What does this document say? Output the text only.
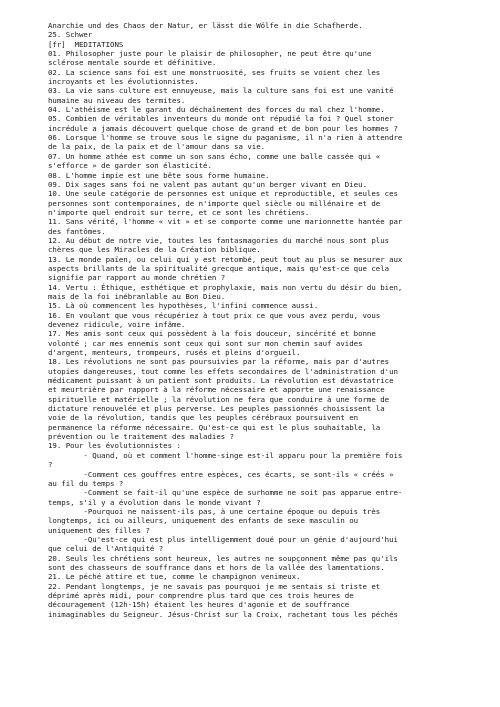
Anarchie und des Chaos der Natur, er lässt die Wölfe in die Schafherde.
25. Schwer
[fr]  MEDITATIONS
01. Philosopher juste pour le plaisir de philosopher, ne peut être qu'une
sclérose mentale sourde et définitive.
02. La science sans foi est une monstruosité, ses fruits se voient chez les
incroyants et les évolutionnistes.
03. La vie sans culture est ennuyeuse, mais la culture sans foi est une vanité
humaine au niveau des termites.
04. L'athéisme est le garant du déchaînement des forces du mal chez l'homme.
05. Combien de véritables inventeurs du monde ont répudié la foi ? Quel stoner
incrédule a jamais découvert quelque chose de grand et de bon pour les hommes ?
06. Lorsque l'homme se trouve sous le signe du paganisme, il n'a rien à attendre
de la paix, de la paix et de l'amour dans sa vie.
07. Un homme athée est comme un son sans écho, comme une balle cassée qui «
s'efforce » de garder son élasticité.
08. L'homme impie est une bête sous forme humaine.
09. Dix sages sans foi ne valent pas autant qu'un berger vivant en Dieu.
10. Une seule catégorie de personnes est unique et reproductible, et seules ces
personnes sont contemporaines, de n'importe quel siècle ou millénaire et de
n'importe quel endroit sur terre, et ce sont les chrétiens.
11. Sans vérité, l'homme « vit » et se comporte comme une marionnette hantée par
des fantômes.
12. Au début de notre vie, toutes les fantasmagories du marché nous sont plus
chères que les Miracles de la Création biblique.
13. Le monde païen, ou celui qui y est retombé, peut tout au plus se mesurer aux
aspects brillants de la spiritualité grecque antique, mais qu'est-ce que cela
signifie par rapport au monde chrétien ?
14. Vertu : Éthique, esthétique et prophylaxie, mais non vertu du désir du bien,
mais de la foi inébranlable au Bon Dieu.
15. Là où commencent les hypothèses, l'infini commence aussi.
16. En voulant que vous récupériez à tout prix ce que vous avez perdu, vous
devenez ridicule, voire infâme.
17. Mes amis sont ceux qui possèdent à la fois douceur, sincérité et bonne
volonté ; car mes ennemis sont ceux qui sont sur mon chemin sauf avides
d'argent, menteurs, trompeurs, rusés et pleins d'orgueil.
18. Les révolutions ne sont pas poursuivies par la réforme, mais par d'autres
utopies dangereuses, tout comme les effets secondaires de l'administration d'un
médicament puissant à un patient sont produits. La révolution est dévastatrice
et meurtrière par rapport à la réforme nécessaire et apporte une renaissance
spirituelle et matérielle ; la révolution ne fera que conduire à une forme de
dictature renouvelée et plus perverse. Les peuples passionnés choisissent la
voie de la révolution, tandis que les peuples cérébraux poursuivent en
permanence la réforme nécessaire. Qu'est-ce qui est le plus souhaitable, la
prévention ou le traitement des maladies ?
19. Pour les évolutionnistes :
- Quand, où et comment l'homme-singe est-il apparu pour la première fois
?
-Comment ces gouffres entre espèces, ces écarts, se sont-ils « créés »
au fil du temps ?
-Comment se fait-il qu'une espèce de surhomme ne soit pas apparue entre-
temps, s'il y a évolution dans le monde vivant ?
-Pourquoi ne naissent-ils pas, à une certaine époque ou depuis très
longtemps, ici ou ailleurs, uniquement des enfants de sexe masculin ou
uniquement des filles ?
-Qu'est-ce qui est plus intelligemment doué pour un génie d'aujourd'hui
que celui de l'Antiquité ?
20. Seuls les chrétiens sont heureux, les autres ne soupçonnent même pas qu'ils
sont des chasseurs de souffrance dans et hors de la vallée des lamentations.
21. Le péché attire et tue, comme le champignon venimeux.
22. Pendant longtemps, je ne savais pas pourquoi je me sentais si triste et
déprimé après midi, pour comprendre plus tard que ces trois heures de
découragement (12h-15h) étaient les heures d'agonie et de souffrance
inimaginables du Seigneur. Jésus-Christ sur la Croix, rachetant tous les péchés
